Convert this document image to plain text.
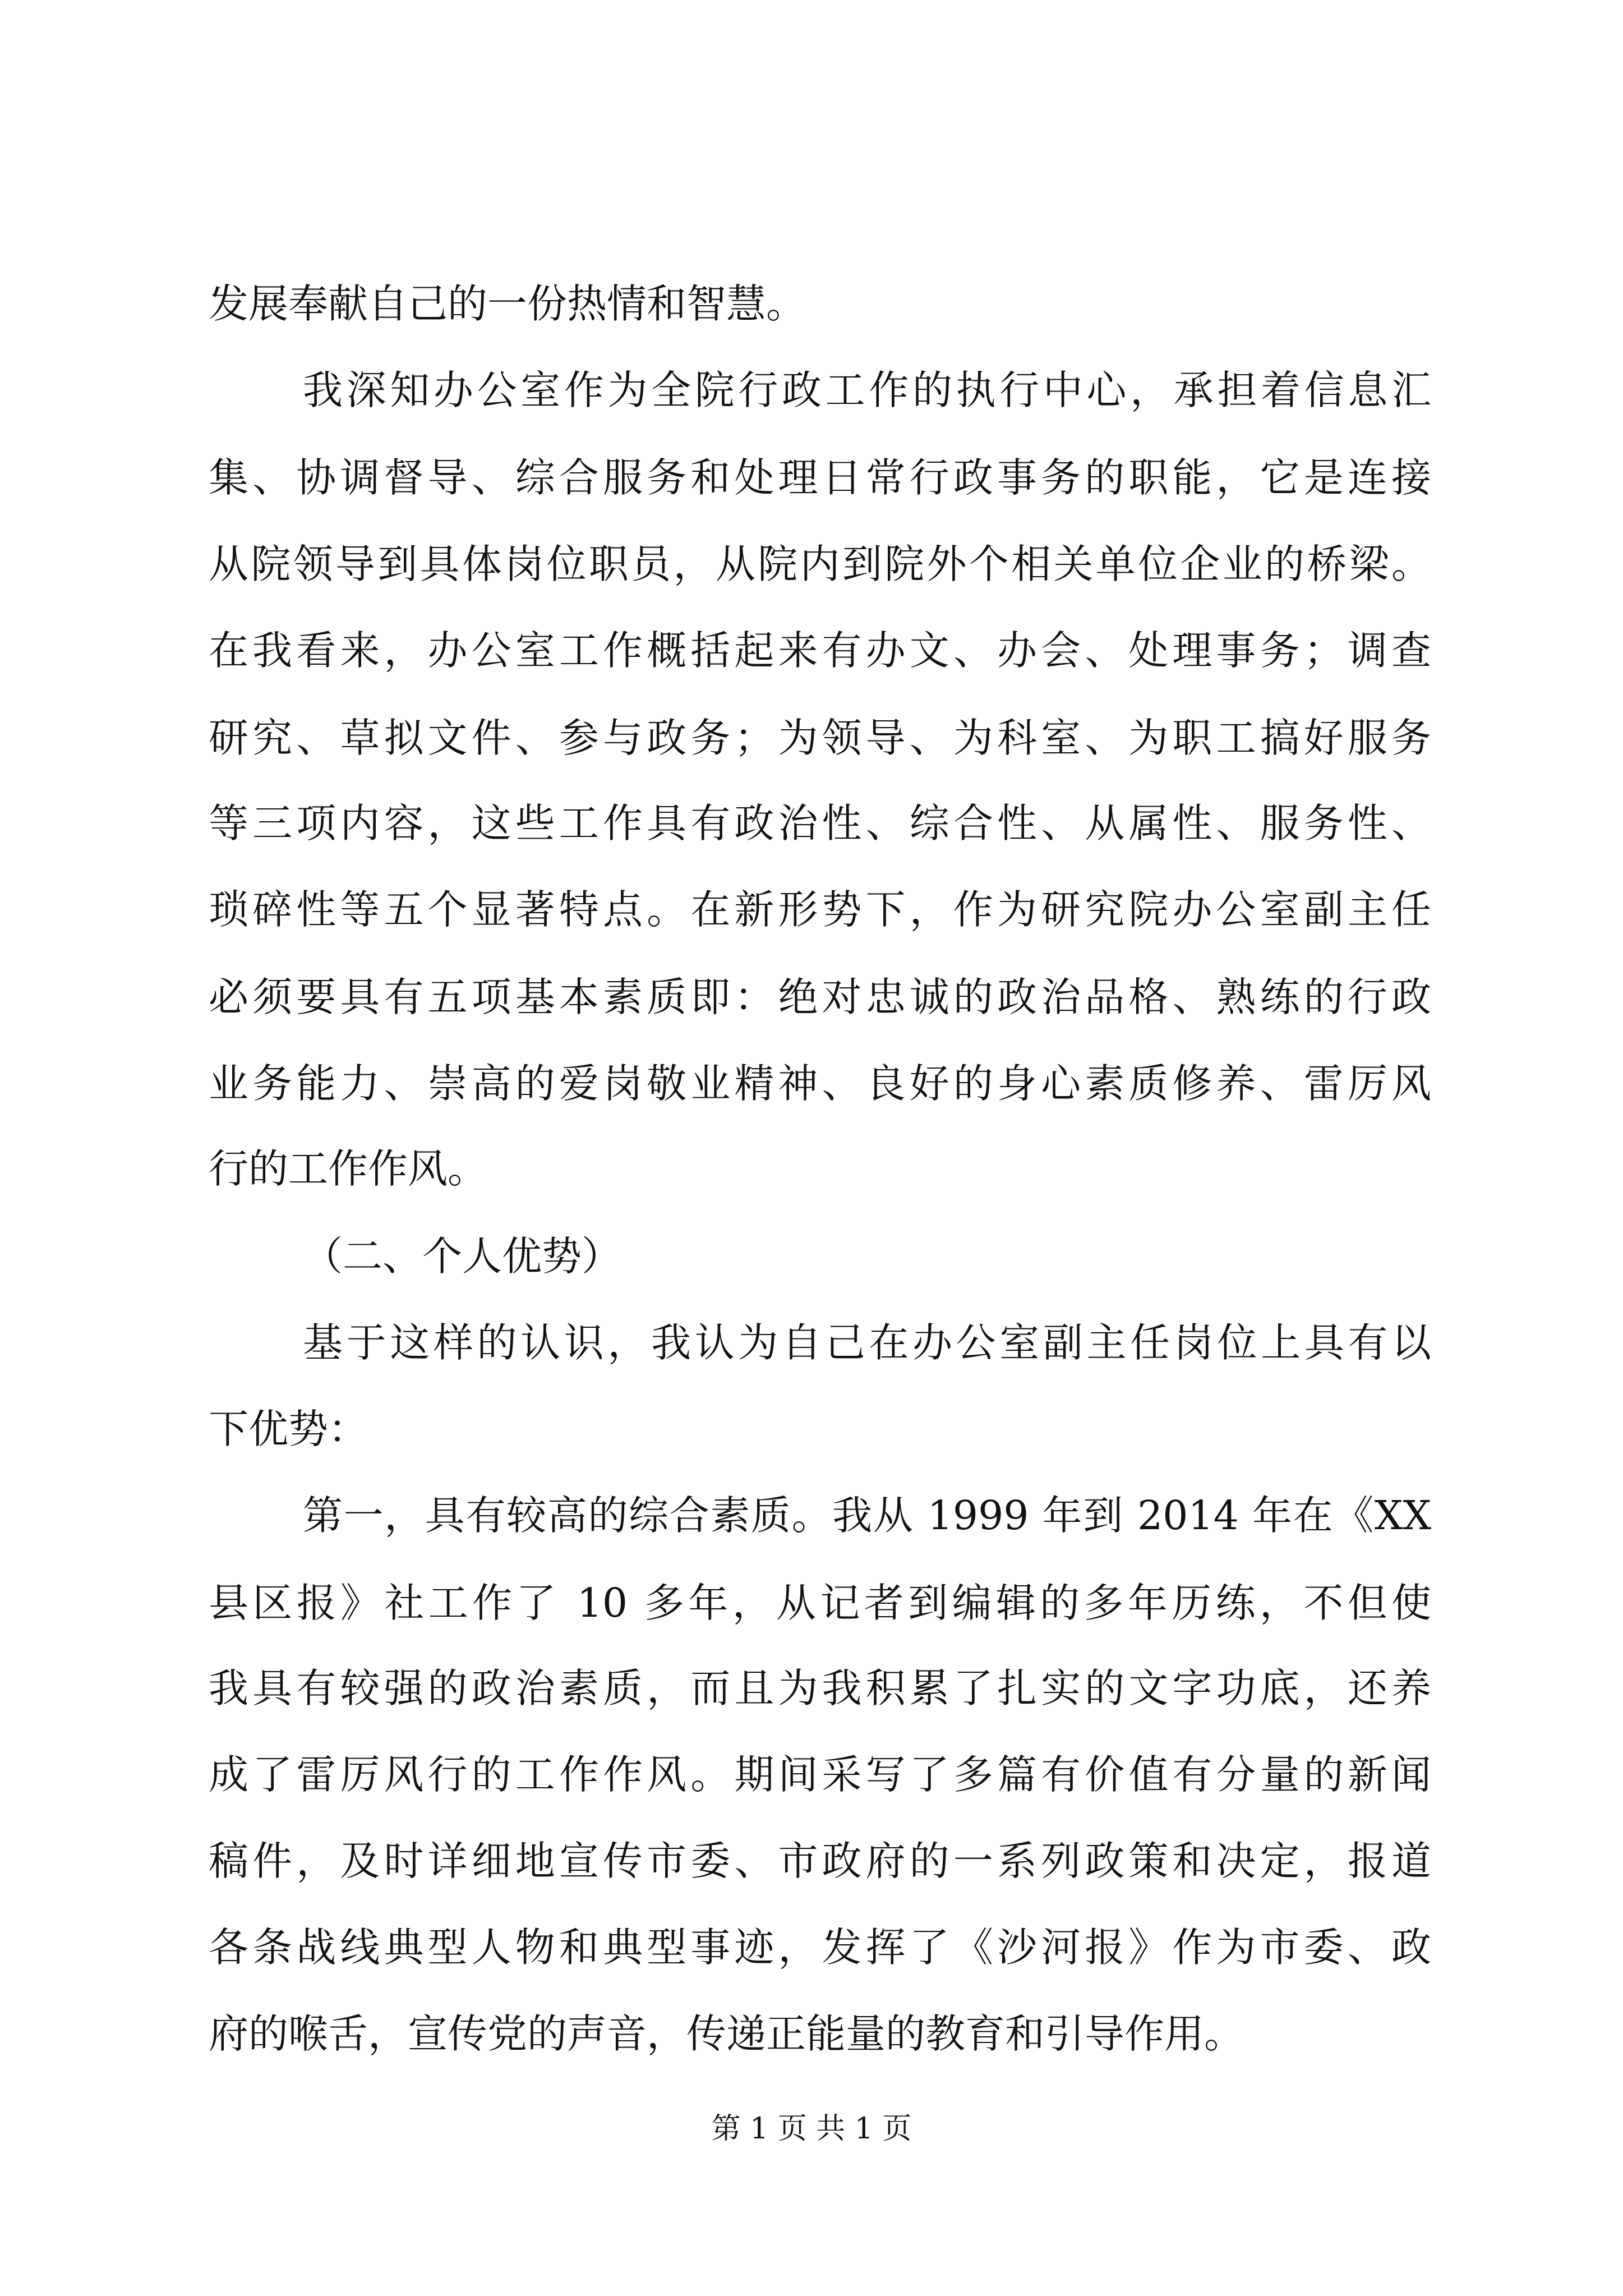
发展奉献自己的一份热情和智慧。
我深知办公室作为全院行政工作的执行中心，承担着信息汇
集、协调督导、综合服务和处理日常行政事务的职能，它是连接
从院领导到具体岗位职员，从院内到院外个相关单位企业的桥梁。
在我看来，办公室工作概括起来有办文、办会、处理事务；调查
研究、草拟文件、参与政务；为领导、为科室、为职工搞好服务
等三项内容，这些工作具有政治性、综合性、从属性、服务性、
琐碎性等五个显著特点。在新形势下，作为研究院办公室副主任
必须要具有五项基本素质即：绝对忠诚的政治品格、熟练的行政
业务能力、崇高的爱岗敬业精神、良好的身心素质修养、雷厉风
行的工作作风。
（二、个人优势）
基于这样的认识，我认为自己在办公室副主任岗位上具有以
下优势：
第一，具有较高的综合素质。我从 1999 年到 2014 年在《XX
县区报》社工作了 10 多年，从记者到编辑的多年历练，不但使
我具有较强的政治素质，而且为我积累了扎实的文字功底，还养
成了雷厉风行的工作作风。期间采写了多篇有价值有分量的新闻
稿件，及时详细地宣传市委、市政府的一系列政策和决定，报道
各条战线典型人物和典型事迹，发挥了《沙河报》作为市委、政
府的喉舌，宣传党的声音，传递正能量的教育和引导作用。
第 1 页 共 1 页
